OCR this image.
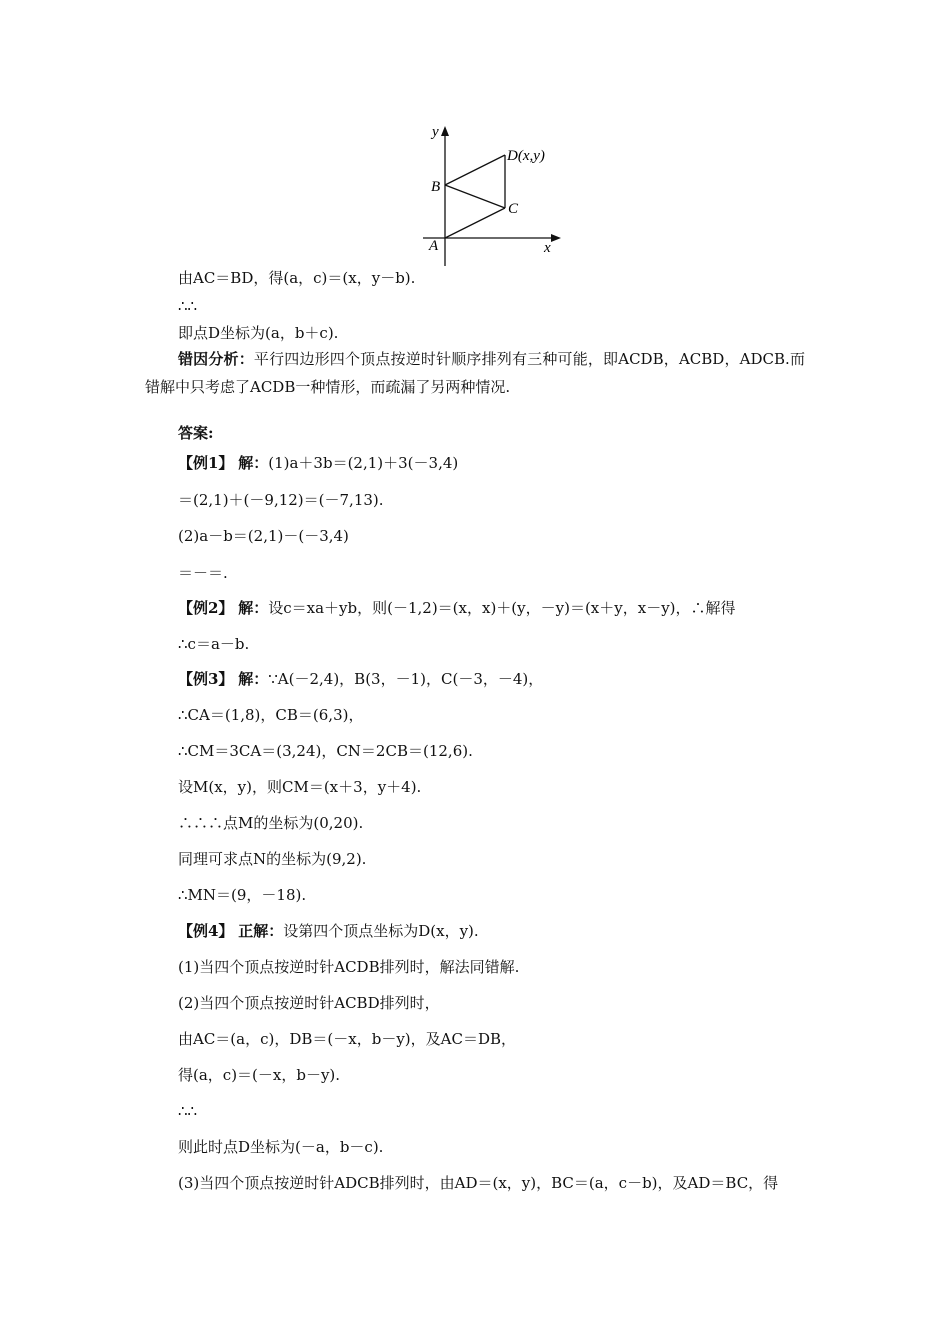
y
x
A
B
C
D(x,y)
由AC＝BD，得(a，c)＝(x，y－b).
∴∴
即点D坐标为(a，b＋c).
错因分析：平行四边形四个顶点按逆时针顺序排列有三种可能，即ACDB，ACBD，ADCB.而错解中只考虑了ACDB一种情形，而疏漏了另两种情况.
答案:
【例1】 解：(1)a＋3b＝(2,1)＋3(－3,4)
＝(2,1)＋(－9,12)＝(－7,13).
(2)a－b＝(2,1)－(－3,4)
＝－＝.
【例2】 解：设c＝xa＋yb，则(－1,2)＝(x，x)＋(y，－y)＝(x＋y，x－y)，∴解得
∴c＝a－b.
【例3】 解：∵A(－2,4)，B(3，－1)，C(－3，－4)，
∴CA＝(1,8)，CB＝(6,3)，
∴CM＝3CA＝(3,24)，CN＝2CB＝(12,6).
设M(x，y)，则CM＝(x＋3，y＋4).
∴∴∴点M的坐标为(0,20).
同理可求点N的坐标为(9,2).
∴MN＝(9，－18).
【例4】 正解：设第四个顶点坐标为D(x，y).
(1)当四个顶点按逆时针ACDB排列时，解法同错解.
(2)当四个顶点按逆时针ACBD排列时，
由AC＝(a，c)，DB＝(－x，b－y)，及AC＝DB，
得(a，c)＝(－x，b－y).
∴∴
则此时点D坐标为(－a，b－c).
(3)当四个顶点按逆时针ADCB排列时，由AD＝(x，y)，BC＝(a，c－b)，及AD＝BC，得
